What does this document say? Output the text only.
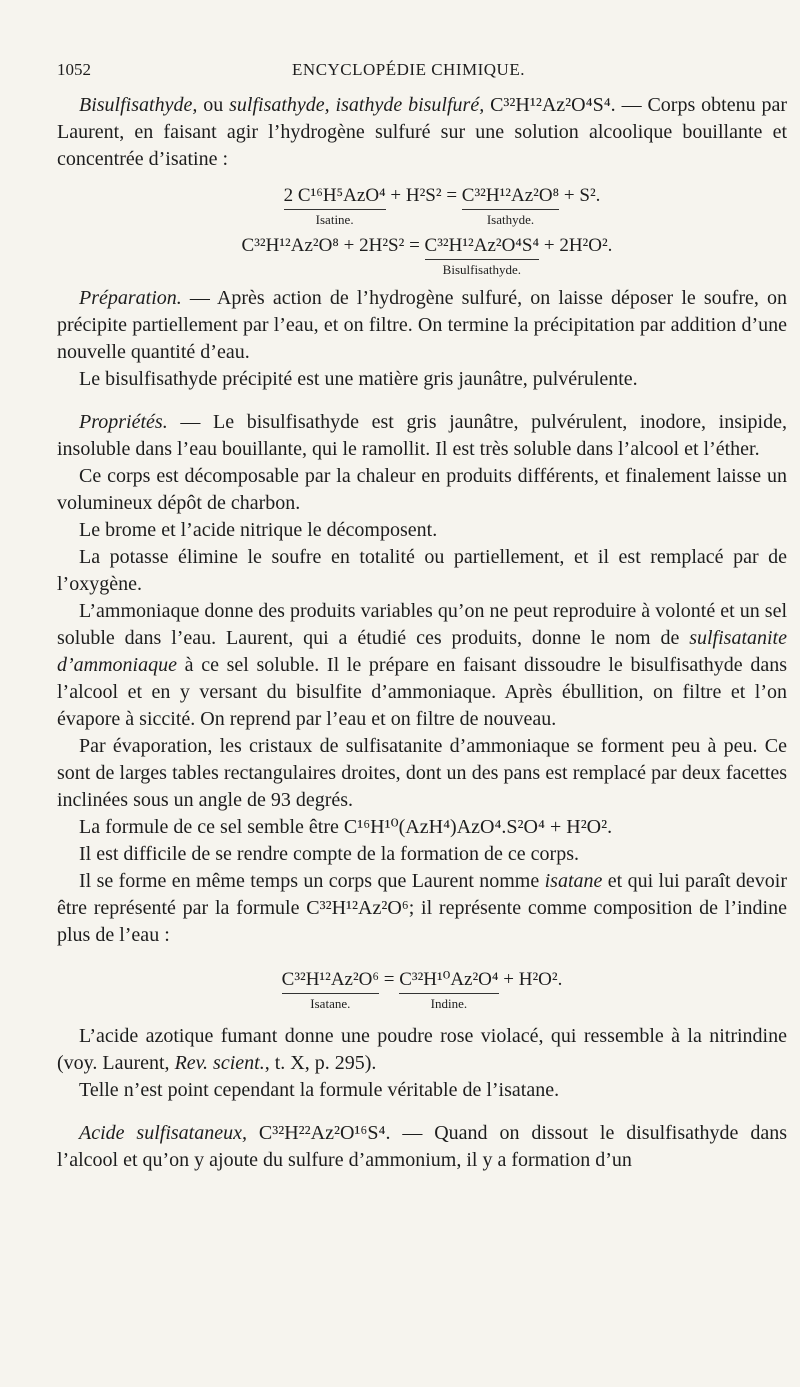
1052	ENCYCLOPÉDIE CHIMIQUE.

Bisulfisathyde, ou sulfisathyde, isathyde bisulfuré, C³²H¹²Az²O⁴S⁴. — Corps obtenu par Laurent, en faisant agir l’hydrogène sulfuré sur une solution alcoolique bouillante et concentrée d’isatine :

2 C¹⁶H⁵AzO⁴
Isatine.
+ H²S² = C³²H¹²Az²O⁸
Isathyde.
+ S².
C³²H¹²Az²O⁸ + 2H²S² = C³²H¹²Az²O⁴S⁴
Bisulfisathyde.
+ 2H²O².

Préparation. — Après action de l’hydrogène sulfuré, on laisse déposer le soufre, on précipite partiellement par l’eau, et on filtre. On termine la précipitation par addition d’une nouvelle quantité d’eau.

Le bisulfisathyde précipité est une matière gris jaunâtre, pulvérulente.

Propriétés. — Le bisulfisathyde est gris jaunâtre, pulvérulent, inodore, insipide, insoluble dans l’eau bouillante, qui le ramollit. Il est très soluble dans l’alcool et l’éther.

Ce corps est décomposable par la chaleur en produits différents, et finalement laisse un volumineux dépôt de charbon.

Le brome et l’acide nitrique le décomposent.

La potasse élimine le soufre en totalité ou partiellement, et il est remplacé par de l’oxygène.

L’ammoniaque donne des produits variables qu’on ne peut reproduire à volonté et un sel soluble dans l’eau. Laurent, qui a étudié ces produits, donne le nom de sulfisatanite d’ammoniaque à ce sel soluble. Il le prépare en faisant dissoudre le bisulfisathyde dans l’alcool et en y versant du bisulfite d’ammoniaque. Après ébullition, on filtre et l’on évapore à siccité. On reprend par l’eau et on filtre de nouveau.

Par évaporation, les cristaux de sulfisatanite d’ammoniaque se forment peu à peu. Ce sont de larges tables rectangulaires droites, dont un des pans est remplacé par deux facettes inclinées sous un angle de 93 degrés.

La formule de ce sel semble être C¹⁶H¹⁰(AzH⁴)AzO⁴.S²O⁴ + H²O².

Il est difficile de se rendre compte de la formation de ce corps.

Il se forme en même temps un corps que Laurent nomme isatane et qui lui paraît devoir être représenté par la formule C³²H¹²Az²O⁶; il représente comme composition de l’indine plus de l’eau :

C³²H¹²Az²O⁶
Isatane.
= C³²H¹⁰Az²O⁴
Indine.
+ H²O².

L’acide azotique fumant donne une poudre rose violacé, qui ressemble à la nitrindine (voy. Laurent, Rev. scient., t. X, p. 295).

Telle n’est point cependant la formule véritable de l’isatane.

Acide sulfisataneux, C³²H²²Az²O¹⁶S⁴. — Quand on dissout le disulfisathyde dans l’alcool et qu’on y ajoute du sulfure d’ammonium, il y a formation d’un
